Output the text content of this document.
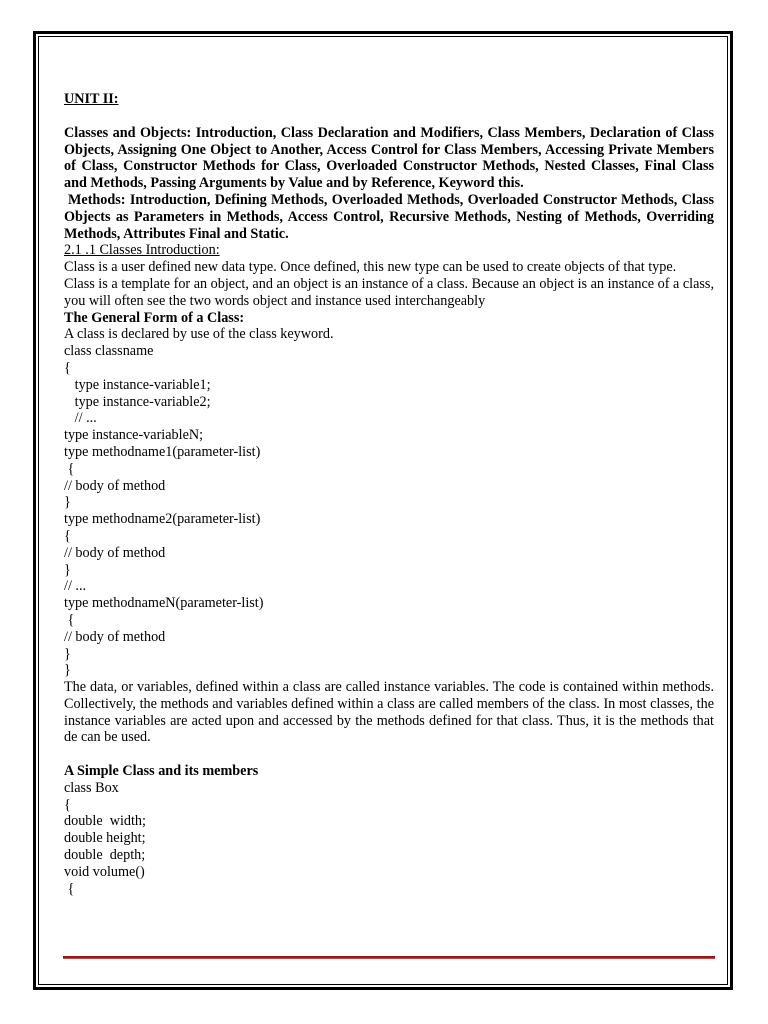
UNIT II:

Classes and Objects: Introduction, Class Declaration and Modifiers, Class Members, Declaration of Class Objects, Assigning One Object to Another, Access Control for Class Members, Accessing Private Members of Class, Constructor Methods for Class, Overloaded Constructor Methods, Nested Classes, Final Class and Methods, Passing Arguments by Value and by Reference, Keyword this.

Methods: Introduction, Defining Methods, Overloaded Methods, Overloaded Constructor Methods, Class Objects as Parameters in Methods, Access Control, Recursive Methods, Nesting of Methods, Overriding Methods, Attributes Final and Static.

2.1 .1 Classes Introduction:

Class is a user defined new data type. Once defined, this new type can be used to create objects of that type.

Class is a template for an object, and an object is an instance of a class. Because an object is an instance of a class, you will often see the two words object and instance used interchangeably

The General Form of a Class:

A class is declared by use of the class keyword.

class classname

{

type instance-variable1;

type instance-variable2;

// ...

type instance-variableN;

type methodname1(parameter-list)

{

// body of method

}

type methodname2(parameter-list)

{

// body of method

}

// ...

type methodnameN(parameter-list)

{

// body of method

}

}

The data, or variables, defined within a class are called instance variables. The code is contained within methods. Collectively, the methods and variables defined within a class are called members of the class. In most classes, the instance variables are acted upon and accessed by the methods defined for that class. Thus, it is the methods that de can be used.

A Simple Class and its members

class Box

{

double  width;

double height;

double  depth;

void volume()

{
